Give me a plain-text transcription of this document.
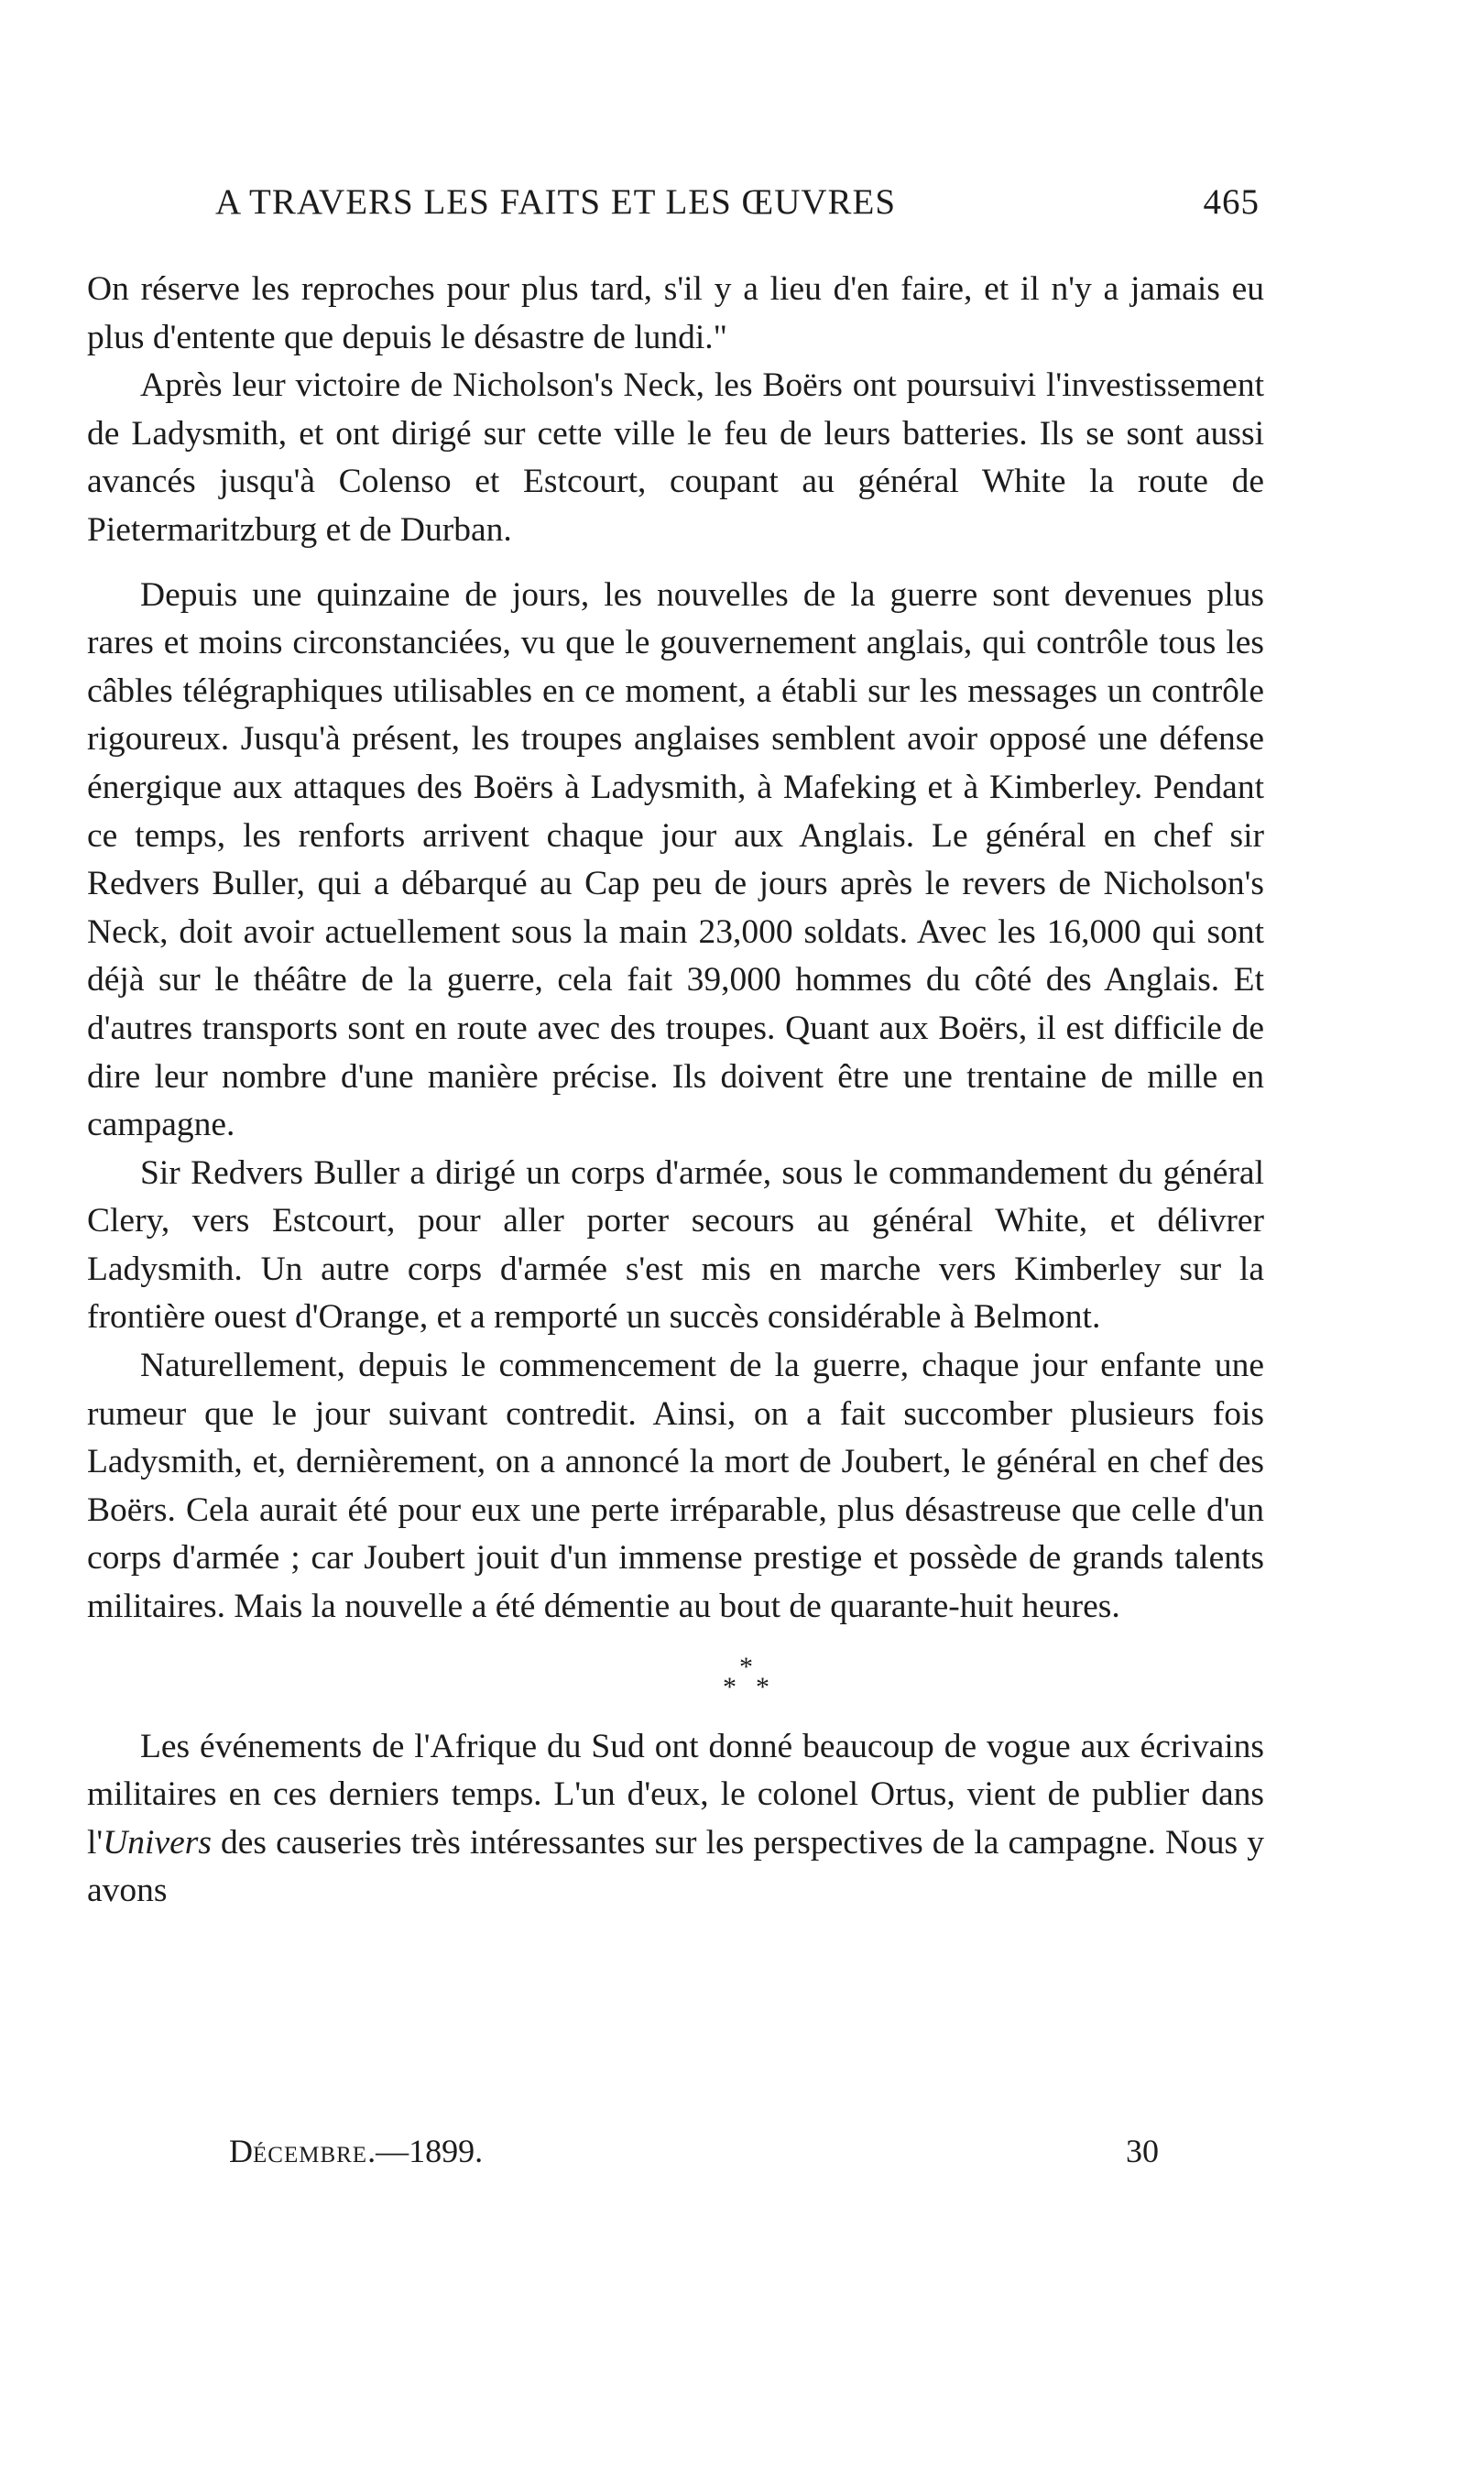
A TRAVERS LES FAITS ET LES ŒUVRES	465

On réserve les reproches pour plus tard, s'il y a lieu d'en faire, et il n'y a jamais eu plus d'entente que depuis le désastre de lundi."

Après leur victoire de Nicholson's Neck, les Boërs ont poursuivi l'investissement de Ladysmith, et ont dirigé sur cette ville le feu de leurs batteries. Ils se sont aussi avancés jusqu'à Colenso et Estcourt, coupant au général White la route de Pietermaritzburg et de Durban.

Depuis une quinzaine de jours, les nouvelles de la guerre sont devenues plus rares et moins circonstanciées, vu que le gouvernement anglais, qui contrôle tous les câbles télégraphiques utilisables en ce moment, a établi sur les messages un contrôle rigoureux. Jusqu'à présent, les troupes anglaises semblent avoir opposé une défense énergique aux attaques des Boërs à Ladysmith, à Mafeking et à Kimberley. Pendant ce temps, les renforts arrivent chaque jour aux Anglais. Le général en chef sir Redvers Buller, qui a débarqué au Cap peu de jours après le revers de Nicholson's Neck, doit avoir actuellement sous la main 23,000 soldats. Avec les 16,000 qui sont déjà sur le théâtre de la guerre, cela fait 39,000 hommes du côté des Anglais. Et d'autres transports sont en route avec des troupes. Quant aux Boërs, il est difficile de dire leur nombre d'une manière précise. Ils doivent être une trentaine de mille en campagne.

Sir Redvers Buller a dirigé un corps d'armée, sous le commandement du général Clery, vers Estcourt, pour aller porter secours au général White, et délivrer Ladysmith. Un autre corps d'armée s'est mis en marche vers Kimberley sur la frontière ouest d'Orange, et a remporté un succès considérable à Belmont.

Naturellement, depuis le commencement de la guerre, chaque jour enfante une rumeur que le jour suivant contredit. Ainsi, on a fait succomber plusieurs fois Ladysmith, et, dernièrement, on a annoncé la mort de Joubert, le général en chef des Boërs. Cela aurait été pour eux une perte irréparable, plus désastreuse que celle d'un corps d'armée ; car Joubert jouit d'un immense prestige et possède de grands talents militaires. Mais la nouvelle a été démentie au bout de quarante-huit heures.

*
* *

Les événements de l'Afrique du Sud ont donné beaucoup de vogue aux écrivains militaires en ces derniers temps. L'un d'eux, le colonel Ortus, vient de publier dans l'Univers des causeries très intéressantes sur les perspectives de la campagne. Nous y avons

Décembre.—1899.	30
